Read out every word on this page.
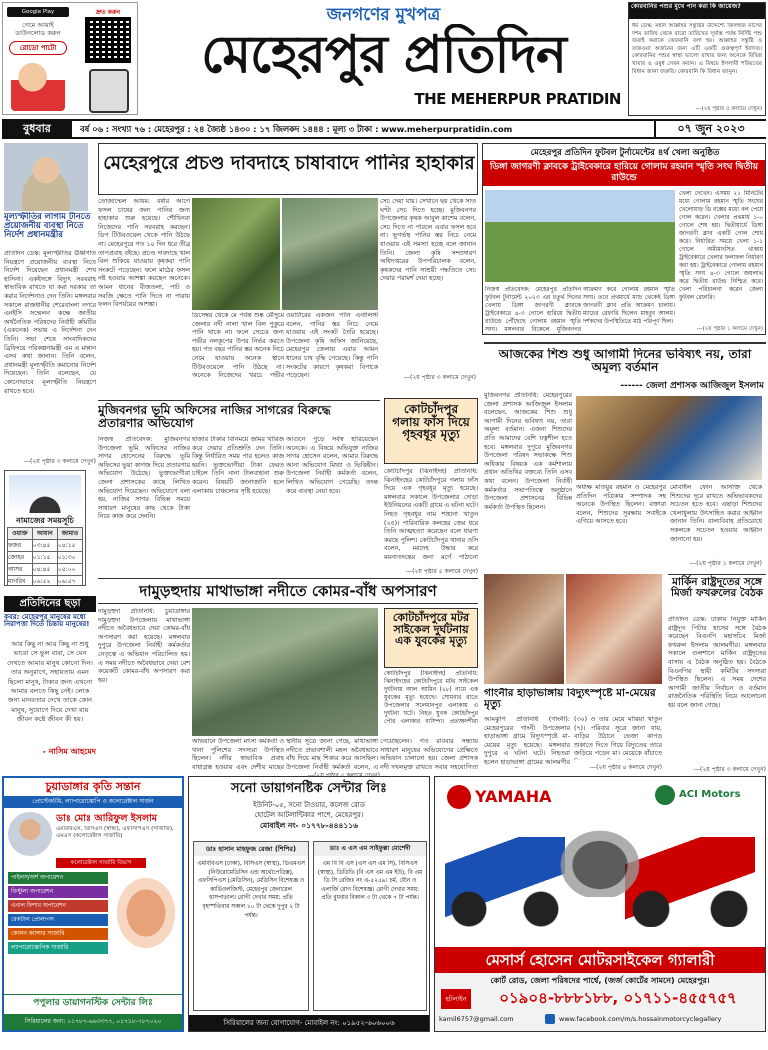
Google Play
গেমে আমাই
ডাউনলোড করুন
রোডো পাটো
দ্রুত করুন	জনগণের মুখপত্র
মেহেরপুর প্রতিদিন
THE MEHERPUR PRATIDIN
কোরবানির পশুর মুখে পান করা কি জায়েজ?
ধর্ম ডেস্ক: মহান আল্লাহর সন্তুষ্টির উদ্দেশ্যে জিলহজ মাসের দশম তারিখ থেকে বারো তারিখের সূর্যাস্ত পর্যন্ত নির্দিষ্ট পশু জবাই করাকে কোরবানি বলা হয়। আল্লাহর সন্তুষ্টি ও তাকওয়া অর্জনের জন্য এটি একটি গুরুত্বপূর্ণ ইবাদত। কোরবানির পশুর স্বাস্থ্য ভালো রাখার জন্য অনেকে বিভিন্ন খাবার ও ওষুধ সেবন করান। এ বিষয়ে ইসলামী শরিয়তের বিধান জানা জরুরি। কোরবানি কি বিধান জানুন।
---(২য় পৃষ্ঠার ৫ কলামে দেখুন)
বুধবার	বর্ষ ০৬ : সংখ্যা ৭৬ : মেহেরপুর : ২৪ জ্যৈষ্ঠ ১৪৩০ : ১৭ জিলকদ ১৪৪৪ : মূল্য ৩ টাকা : www.meherpurpratidin.com	০৭ জুন ২০২৩
মূল্যস্ফীতির লাগাম টানতে প্রয়োজনীয় ব্যবস্থা নিতে নির্দেশ প্রধানমন্ত্রীর
প্রতিদিন ডেস্ক: মূল্যস্ফীতির ঊর্ধ্বগতি নিয়ন্ত্রণে প্রয়োজনীয় ব্যবস্থা নিতে নির্দেশ দিয়েছেন প্রধানমন্ত্রী শেখ হাসিনা। একইসঙ্গে বিদ্যুৎ সরবরাহ স্বাভাবিক রাখতে যা করা দরকার তা করার নির্দেশনাও দেন তিনি। মঙ্গলবার সকালে রাজধানীর শেরেবাংলা নগরে এনইসি সম্মেলন কক্ষে জাতীয় অর্থনৈতিক পরিষদের নির্বাহী কমিটির (একনেক) সভায় এ নির্দেশনা দেন তিনি। সভা শেষে সাংবাদিকদের ব্রিফিংয়ে পরিকল্পনামন্ত্রী এম এ মান্নান এসব কথা জানান। তিনি বলেন, প্রধানমন্ত্রী মূল্যস্ফীতি কমানোর নির্দেশ দিয়েছেন। তিনি বলেছেন, যে কোনোভাবে মূল্যস্ফীতি নিয়ন্ত্রণে রাখতে হবে।
---(২য় পৃষ্ঠার ৩ কলামে দেখুন)
নামাজের সময়সূচি
ওয়াক্ত	আযান	জামাত
ফজর	০৩:৪৫	০৪:১৫
জোহর	০১:১৫	০১:৩০
আসর	০৪:৪৫	০৫:০০
মাগরিব	০৬:৫২	০৬:৫৭

প্রতিদিনের ছড়া
কবর: মেহেরপুর মানুষের মধ্যে নিরাপত্তা দিতে চিন্তায় মানুষের!
আর কিছু না আর কিছু না শুধু ভাবো সে ভুল বাবা, সে যেন দেখতে আমার মানুষ কোনো দিন। তার অনুরাগে, সহায়তায় এমন ছিলো মানুষ, টাকার জন্য এখনো আমার বলতে কিছু নেই। লোক জন্য মানবতার দেখে তাকে কোন মানুষ, সুযোগে দিয়ে দেখা যায় জীবন কষ্টে জীবন কী হয়।
- নাসিম আহমেদ
মেহেরপুরে প্রচণ্ড দাবদাহে চাষাবাদে পানির হাহাকার
তোজাম্মেল আযম: বর্ষার আগে ফসল চাষের জন্য পানির জন্য হাহাকার শুরু হয়েছে। শৌখিনরা নিজেদের পানি সরবরাহ করছেন। ডিপ টিউবওয়েল থেকে পানি উঠছে না। মেহেরপুরে গত ১০ দিন ধরে তীব্র তাপপ্রবাহ বইছে। প্রচণ্ড দাবদাহে খাল বিল শুকিয়ে যাওয়ায় কৃষকরা পানি সংকটে পড়েছেন। ফলে মাঠের ফসল নষ্ট হওয়ার আশঙ্কা করছেন অনেকে। আমন ধানের বীজতলা, পাট ও সবজি ক্ষেতে পানি দিতে না পারায় ফলন বিপর্যয়ের আশঙ্কা।
ডিসেম্বর থেকে মে পর্যন্ত শুষ্ক মৌসুমে জেলার নদী নালা খাল বিল পুকুরে পানি থাকে না। ফলে সেচের জন্য গভীর নলকূপের উপর নির্ভর করতে হয়। গত বছর পানির স্তর অনেক নিচে নেমে যাওয়ায় অনেক স্থানে টিউবওয়েলে পানি উঠছে না। অনেকে নিজেদের খরচে গভীর
ওয়াটারের একজন পানি এনালিস্ট বলেন, পানির স্তর নিচে নেমে যাওয়ায় এই সংকট তৈরি হয়েছে। উপজেলা কৃষি অফিস জানিয়েছে, মেহেরপুর জেলায় এবার আমন ধানের চাষ বৃদ্ধি পেয়েছে। কিন্তু পানি সংকটের কারণে কৃষকরা বিপাকে পড়েছেন।
সেচ দেয়া যায়। সেখানে ছয় থেকে সাত ঘণ্টা সেচ দিতে হচ্ছে। মুজিবনগর উপজেলার কৃষক আবুল কাশেম বলেন, সেচ দিতে না পারলে এবার ফসল হবে না। ভূগর্ভস্থ পানির স্তর নিচে নেমে যাওয়ায় এই সমস্যা হচ্ছে বলে জানান তিনি। জেলা কৃষি সম্প্রসারণ অধিদপ্তরের উপপরিচালক বলেন, কৃষকদের পানি সাশ্রয়ী পদ্ধতিতে সেচ দেয়ার পরামর্শ দেয়া হচ্ছে।
---(২য় পৃষ্ঠার ৩ কলামে দেখুন)
মেহেরপুর প্রতিদিন ফুটবল টুর্নামেন্টের ৪র্থ খেলা অনুষ্ঠিত
ডিঙ্গা জাগরণী ক্লাবকে ট্রাইবেকারে হারিয়ে গোলাম রহমান স্মৃতি সংঘ দ্বিতীয় রাউন্ডে
খেলা দেখেন। এসময় ২১ মিনিটের মধ্যে গোলাম রহমান স্মৃতি সংঘের খেলোয়াড় ডি বক্সের মধ্যে বল পেয়ে গোল করেন। খেলার প্রথমার্ধ ১-০ গোলে শেষ হয়। দ্বিতীয়ার্ধে ডিঙ্গা জাগরণী ক্লাব একটি গোল শোধ করে। নির্ধারিত সময়ে খেলা ১-১ গোলে অমীমাংসিত থাকায় ট্রাইবেকারে খেলার ফলাফল নির্ধারণ করা হয়। ট্রাইবেকারে গোলাম রহমান স্মৃতি সংঘ ৪-৩ গোলে জয়লাভ করে দ্বিতীয় রাউন্ড নিশ্চিত করে। খেলা পরিচালনা করেন জেলা ফুটবল রেফারি।
নিজস্ব প্রতিবেদক: মেহেরপুর প্রতিদিন ফুটবল টুর্নামেন্ট ২০২৩ এর চতুর্থ দিনের খেলায় ডিঙ্গা জাগরণী ক্লাবকে ট্রাইবেকারে ৪-৩ গোলে হারিয়ে দ্বিতীয় রাউন্ডে পৌঁছেছে গোলাম রহমান স্মৃতি সংঘ। মঙ্গলবার বিকেলে মুজিবনগর
আক্রমণ করে গোলাম রহমান স্মৃতি সংঘ। তবে প্রথমার্ধে ম্যাচ থেকেই ডিঙ্গা জাগরণী ক্লাব প্রতি আক্রমণ চালায়। ম্যাচের রেফারি ছিলেন মাহবুব আলম। দর্শকদের উপস্থিতিতে মাঠ পরিপূর্ণ ছিল।
---(২য় পৃষ্ঠার ১ কলামে দেখুন)
মুজিবনগর ভূমি অফিসের নাজির সাগরের বিরুদ্ধে প্রতারণার অভিযোগ
নিজস্ব প্রতিবেদক: মুজিবনগর উপজেলা ভূমি অফিসের নাজির সাগর হোসেনের বিরুদ্ধে ভূমি অফিসের ভুয়া কাগজ দিয়ে প্রতারণার অভিযোগ উঠেছে। ভুক্তভোগীরা জেলা প্রশাসকের কাছে লিখিত অভিযোগ দিয়েছেন। অভিযোগে বলা হয়, নাজির সাগর বিভিন্ন সময়ে সাধারণ মানুষের কাছ থেকে টাকা নিয়ে কাজ করে দেননি।
হাজার টাকার বিনিময়ে জমির খারিজ করে দেয়ার প্রতিশ্রুতি দেন তিনি। কিন্তু নির্ধারিত সময় পার হলেও কাজ হয়নি। ভুক্তভোগীরা টাকা ফেরত চাইলে তিনি নানা টালবাহানা শুরু করেন। বিষয়টি জানাজানি হলে এলাকায় চাঞ্চল্যের সৃষ্টি হয়েছে।
আগুনে পুড়ে সর্বস্ব হারিয়েছেন অনেকে। এ বিষয়ে অভিযুক্ত নাজির সাগর হোসেন বলেন, আমার বিরুদ্ধে আনা অভিযোগ মিথ্যা ও ভিত্তিহীন। উপজেলা নির্বাহী কর্মকর্তা বলেন, লিখিত অভিযোগ পেয়েছি। তদন্ত করে ব্যবস্থা নেয়া হবে।
কোটচাঁদপুর গলায় ফাঁস দিয়ে গৃহবধূর মৃত্যু
কোটচাঁদপুর (ঝিনাইদহ) প্রতিনিধি: ঝিনাইদহের কোটচাঁদপুরে গলায় ফাঁস দিয়ে এক গৃহবধূর মৃত্যু হয়েছে। মঙ্গলবার সকালে উপজেলার দোড়া ইউনিয়নের একটি গ্রামে এ ঘটনা ঘটে। নিহত গৃহবধূর নাম শাহানা খাতুন (২৫)। পারিবারিক কলহের জের ধরে তিনি আত্মহত্যা করেছেন বলে ধারণা করছে পুলিশ। কোটচাঁদপুর থানার ওসি বলেন, মরদেহ উদ্ধার করে ময়নাতদন্তের জন্য মর্গে পাঠানো
---(২য় পৃষ্ঠার ৫ কলামে দেখুন)
আজকের শিশু শুধু আগামী দিনের ভবিষ্যৎ নয়, তারা অমূল্য বর্তমান
------ জেলা প্রশাসক আজিজুল ইসলাম
মুজিবনগর প্রতিনিধি: মেহেরপুরের জেলা প্রশাসক আজিজুল ইসলাম বলেছেন, আজকের শিশু শুধু আগামী দিনের ভবিষ্যৎ নয়, তারা অমূল্য বর্তমান। এজন্য শিশুদের প্রতি আমাদের বেশি যত্নশীল হতে হবে। মঙ্গলবার দুপুরে মুজিবনগর উপজেলা পরিষদ সভাকক্ষে শিশু অধিকার বিষয়ক এক কর্মশালায় প্রধান অতিথির বক্তব্যে তিনি এসব কথা বলেন। উপজেলা নির্বাহী কর্মকর্তার সভাপতিত্বে অনুষ্ঠানে উপজেলা প্রশাসনের বিভিন্ন কর্মকর্তা উপস্থিত ছিলেন।
অধ্যক্ষ মতিয়ুর রহমান ও মেহেরপুর প্রতিদিন পত্রিকার সম্পাদক সহ অনেকে উপস্থিত ছিলেন। বক্তারা বলেন, শিশুদের সুরক্ষায় সবাইকে এগিয়ে আসতে হবে।
মোবাইল ফোন আসক্তি থেকে শিশুদের দূরে রাখতে অভিভাবকদের সচেতন হতে হবে। এছাড়া শিশুদের খেলাধুলায় উৎসাহিত করার আহ্বান জানান তিনি। বাল্যবিবাহ প্রতিরোধে সকলকে সচেতন হওয়ার আহ্বান জানানো হয়।
---(২য় পৃষ্ঠার ১ কলামে দেখুন)
দামুড়হুদায় মাথাভাঙ্গা নদীতে কোমর-বাঁধ অপসারণ
দামুড়হুদা প্রতিনিধি: চুয়াডাঙ্গার দামুড়হুদা উপজেলায় মাথাভাঙ্গা নদীতে অবৈধভাবে দেয়া কোমর-বাঁধ অপসারণ করা হয়েছে। মঙ্গলবার দুপুরে উপজেলা নির্বাহী কর্মকর্তার নেতৃত্বে এ অভিযান পরিচালিত হয়। এ সময় নদীতে অবৈধভাবে দেয়া বেশ কয়েকটি কোমর-বাঁধ অপসারণ করা হয়।
অভিযানে উপজেলা মৎস্য কর্মকর্তা ও থানা পুলিশের সদস্যরা উপস্থিত ছিলেন। নদীর স্বাভাবিক প্রবাহ বাধাগ্রস্ত হওয়ায় এবং দেশীয় মাছের
স্থানীয় সূত্রে জানা গেছে, মাথাভাঙ্গা নদীতে প্রভাবশালী মহল অবৈধভাবে বাঁধ দিয়ে মাছ শিকার করে আসছিল। উপজেলা নির্বাহী কর্মকর্তা বলেন, এ
পেয়েছিলেন। গত রবিবার সন্ধ্যায় সাধারণ মানুষের অভিযোগের প্রেক্ষিতে অভিযান চালানো হয়। জেলা প্রশাসক নদী দখলমুক্ত রাখতে সবার সহযোগিতা
কোটচাঁদপুরে মটর সাইকেল দুর্ঘটনায় এক যুবকের মৃত্যু
কোটচাঁদপুর (ঝিনাইদহ) প্রতিনিধি: ঝিনাইদহের কোটচাঁদপুরে মটর সাইকেল দুর্ঘটনায় আল আমিন (২৮) নামে এক যুবকের মৃত্যু হয়েছে। সোমবার রাতে উপজেলার সলেমানপুর এলাকায় এ দুর্ঘটনা ঘটে। নিহত যুবক কোটচাঁদপুর পৌর এলাকার বাসিন্দা। প্রত্যক্ষদর্শীরা
গাংনীর হাড়াভাঙ্গায় বিদ্যুৎস্পৃষ্টে মা-মেয়ের মৃত্যু
আমঝুপি প্রতিনিধি (গাংনী): মেহেরপুরের গাংনী উপজেলার হাড়াভাঙ্গা গ্রামে বিদ্যুৎস্পৃষ্টে মা-মেয়ের মৃত্যু হয়েছে। মঙ্গলবার দুপুরে এ ঘটনা ঘটে। নিহতরা হলেন হাড়াভাঙ্গা গ্রামের আলমগীর
(৩০) ও তার মেয়ে মারিয়া খাতুন (৭)। পরিবার সূত্রে জানা যায়, বাড়ির উঠানে ভেজা কাপড় শুকাতে দিতে গিয়ে বিদ্যুতের তারে জড়িয়ে পড়েন মা। মেয়েকে বাঁচাতে
---(২য় পৃষ্ঠার ৪ কলামে দেখুন)
মার্কিন রাষ্ট্রদূতের সঙ্গে মির্জা ফখরুলের বৈঠক
প্রতিদিন ডেস্ক: ঢাকায় নিযুক্ত মার্কিন রাষ্ট্রদূত পিটার হাসের সঙ্গে বৈঠক করেছেন বিএনপি মহাসচিব মির্জা ফখরুল ইসলাম আলমগীর। মঙ্গলবার সকালে গুলশানে মার্কিন রাষ্ট্রদূতের বাসায় এ বৈঠক অনুষ্ঠিত হয়। বৈঠকে বিএনপির স্থায়ী কমিটির সদস্যরা উপস্থিত ছিলেন। এ সময় দেশের আগামী জাতীয় নির্বাচন ও বর্তমান রাজনৈতিক পরিস্থিতি নিয়ে আলোচনা হয় বলে জানা গেছে।
---(২য় পৃষ্ঠার ৩ কলামে দেখুন)
চুয়াডাঙ্গার কৃতি সন্তান
প্রোস্টেকটমি, ল্যাপারোস্কোপি ও কলোরেক্টাল সার্জন
ডাঃ মোঃ আরিফুল ইসলাম
এমবিবিএস, বিসিএস (স্বাস্থ্য), এফসিপিএস (সার্জারি), এমএস (কলোরেক্টাল সার্জারি)
কলোরেক্টাল সার্জারি বিভাগ
পাইলস/অর্শ অপারেশন
ফিস্টুলা অপারেশন
এনাল ফিশার অপারেশন
রেকটাল প্রোলাপস
কোলন ক্যান্সার সার্জারি
ল্যাপারোস্কোপিক সার্জারি
পপুলার ডায়াগনস্টিক সেন্টার লিঃ
সিরিয়ালের জন্য: ০১৭৮৭-৬৬৩৩৭৭, ০১৭১৮-৭৮৭০২০
সনো ডায়াগনষ্টিক সেন্টার লিঃ
ইউনিট-০৫, সনো টাওয়ার, কলেজ রোড
হোটেল আটলান্টিকার পাশে, মেহেরপুর।
মোবাইল নং- ০১৭৭৮-৪৪৪১১৬
ডাঃ হাসান মাহফুজ রেজা (শিশির)
এমবিবিএস (ঢাকা), বিসিএস (স্বাস্থ্য), ডিএমএস (নিউরোমেডিসিন এন্ড অর্থোপেডিক্স), এফসিপিএস (মেডিসিন), মেডিসিন বিশেষজ্ঞ ও কার্ডিওলজিস্ট, মেহেরপুর জেনারেল হাসপাতাল। রোগী দেখার সময়: প্রতি বৃহস্পতিবার সকাল ১০ টা থেকে দুপুর ২ টা পর্যন্ত।
ডাঃ এ এস এম সাইফুল্লা মোর্শেদী
এম বি বি এস (এস এস এম সি), বিসিএস (স্বাস্থ্য), ডিডিভি (বি এস এম এম ইউ), বি এম ডি সি রেজিঃ নং এ-৫২৫৯। চর্ম, যৌন ও এলার্জি রোগ বিশেষজ্ঞ। রোগী দেখার সময়: প্রতি বুধবার বিকাল ৩ টা থেকে ৭ টা পর্যন্ত।
সিরিয়ালের জন্য যোগাযোগ- মোবাইল নং: ০১৯৫২-৬০৬০০৬
YAMAHA	ACI Motors
মেসার্স হোসেন মোটরসাইকেল গ্যালারী
কোর্ট রোড, জেলা পরিষদের পার্শ্বে, (জর্জ কোর্টের সামনে) মেহেরপুর।
হটলাইন	০১৯০৪-৮৮৮১৮৮, ০১৭১১-৪৫৫৭৫৭
kamil6757@gmail.com	www.facebook.com/m/s.hossainmotorcyclegallery
